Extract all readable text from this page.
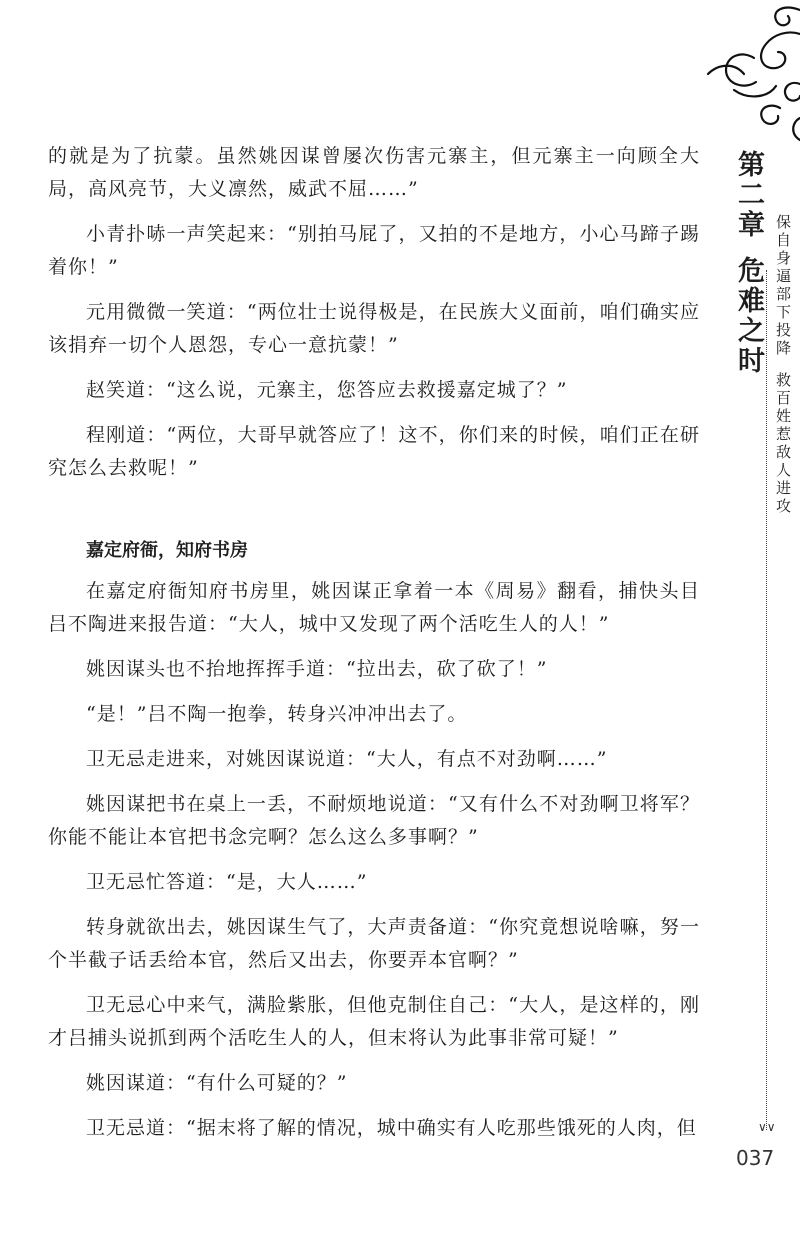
的就是为了抗蒙。虽然姚因谋曾屡次伤害元寨主，但元寨主一向顾全大局，高风亮节，大义凛然，威武不屈……”

小青扑哧一声笑起来：“别拍马屁了，又拍的不是地方，小心马蹄子踢着你！”

元用微微一笑道：“两位壮士说得极是，在民族大义面前，咱们确实应该捐弃一切个人恩怨，专心一意抗蒙！”

赵笑道：“这么说，元寨主，您答应去救援嘉定城了？”

程刚道：“两位，大哥早就答应了！这不，你们来的时候，咱们正在研究怎么去救呢！”

嘉定府衙，知府书房

在嘉定府衙知府书房里，姚因谋正拿着一本《周易》翻看，捕快头目吕不陶进来报告道：“大人，城中又发现了两个活吃生人的人！”

姚因谋头也不抬地挥挥手道：“拉出去，砍了砍了！”

“是！”吕不陶一抱拳，转身兴冲冲出去了。

卫无忌走进来，对姚因谋说道：“大人，有点不对劲啊……”

姚因谋把书在桌上一丢，不耐烦地说道：“又有什么不对劲啊卫将军？你能不能让本官把书念完啊？怎么这么多事啊？”

卫无忌忙答道：“是，大人……”

转身就欲出去，姚因谋生气了，大声责备道：“你究竟想说啥嘛，努一个半截子话丢给本官，然后又出去，你要弄本官啊？”

卫无忌心中来气，满脸紫胀，但他克制住自己：“大人，是这样的，刚才吕捕头说抓到两个活吃生人的人，但末将认为此事非常可疑！”

姚因谋道：“有什么可疑的？”

卫无忌道：“据末将了解的情况，城中确实有人吃那些饿死的人肉，但

第二章危难之时 保自身逼部下投降救百姓惹敌人进攻
∨∨
037
